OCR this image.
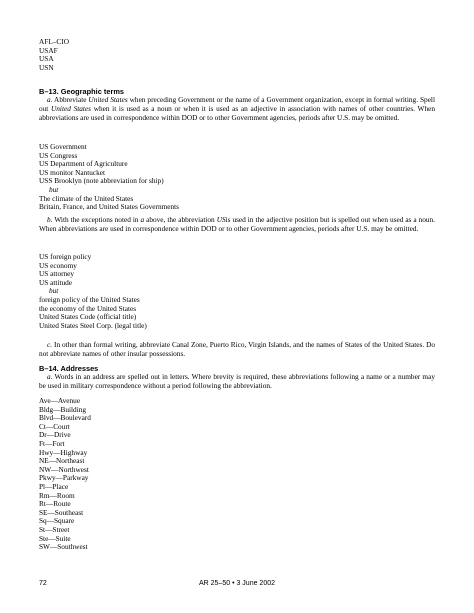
AFL–CIO
USAF
USA
USN
B–13. Geographic terms
a. Abbreviate United States when preceding Government or the name of a Government organization, except in formal writing. Spell out United States when it is used as a noun or when it is used as an adjective in association with names of other countries. When abbreviations are used in correspondence within DOD or to other Government agencies, periods after U.S. may be omitted.
US Government
US Congress
US Department of Agriculture
US monitor Nantucket
USS Brooklyn (note abbreviation for ship)
but
The climate of the United States
Britain, France, and United States Governments
b. With the exceptions noted in a above, the abbreviation USis used in the adjective position but is spelled out when used as a noun. When abbreviations are used in correspondence within DOD or to other Government agencies, periods after U.S. may be omitted.
US foreign policy
US economy
US attorney
US attitude
but
foreign policy of the United States
the economy of the United States
United States Code (official title)
United States Steel Corp. (legal title)
c. In other than formal writing, abbreviate Canal Zone, Puerto Rico, Virgin Islands, and the names of States of the United States. Do not abbreviate names of other insular possessions.
B–14. Addresses
a. Words in an address are spelled out in letters. Where brevity is required, these abbreviations following a name or a number may be used in military correspondence without a period following the abbreviation.
Ave—Avenue
Bldg—Building
Blvd—Boulevard
Ct—Court
Dr—Drive
Ft—Fort
Hwy—Highway
NE—Northeast
NW—Northwest
Pkwy—Parkway
Pl—Place
Rm—Room
Rt—Route
SE—Southeast
Sq—Square
St—Street
Ste—Suite
SW—Southwest
72	AR 25–50 • 3 June 2002
